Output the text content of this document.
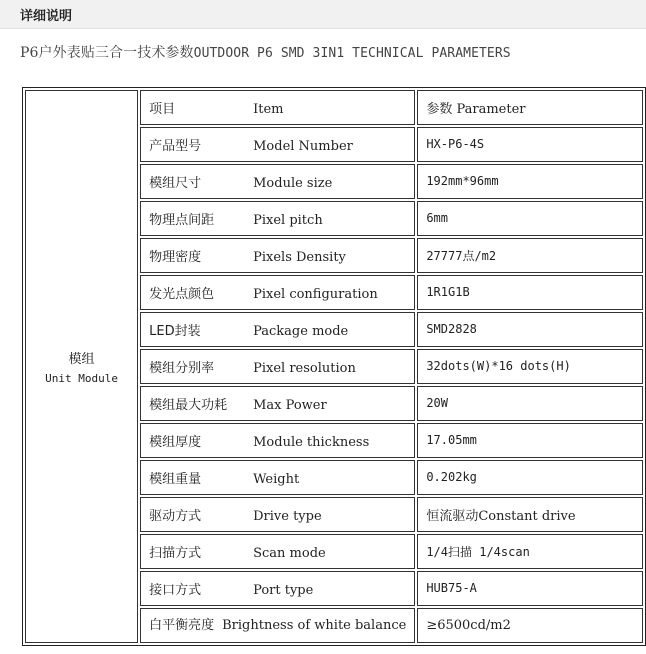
详细说明
P6户外表贴三合一技术参数OUTDOOR P6 SMD 3IN1 TECHNICAL PARAMETERS
模组
Unit Module	项目 Item	参数 Parameter
	产品型号 Model Number	HX-P6-4S
	模组尺寸 Module size	192mm*96mm
	物理点间距 Pixel pitch	6mm
	物理密度 Pixels Density	27777点/m2
	发光点颜色 Pixel configuration	1R1G1B
	LED封装 Package mode	SMD2828
	模组分别率 Pixel resolution	32dots(W)*16 dots(H)
	模组最大功耗 Max Power	20W
	模组厚度 Module thickness	17.05mm
	模组重量 Weight	0.202kg
	驱动方式 Drive type	恒流驱动Constant drive
	扫描方式 Scan mode	1/4扫描 1/4scan
	接口方式 Port type	HUB75-A
	白平衡亮度 Brightness of white balance	≥6500cd/m2
